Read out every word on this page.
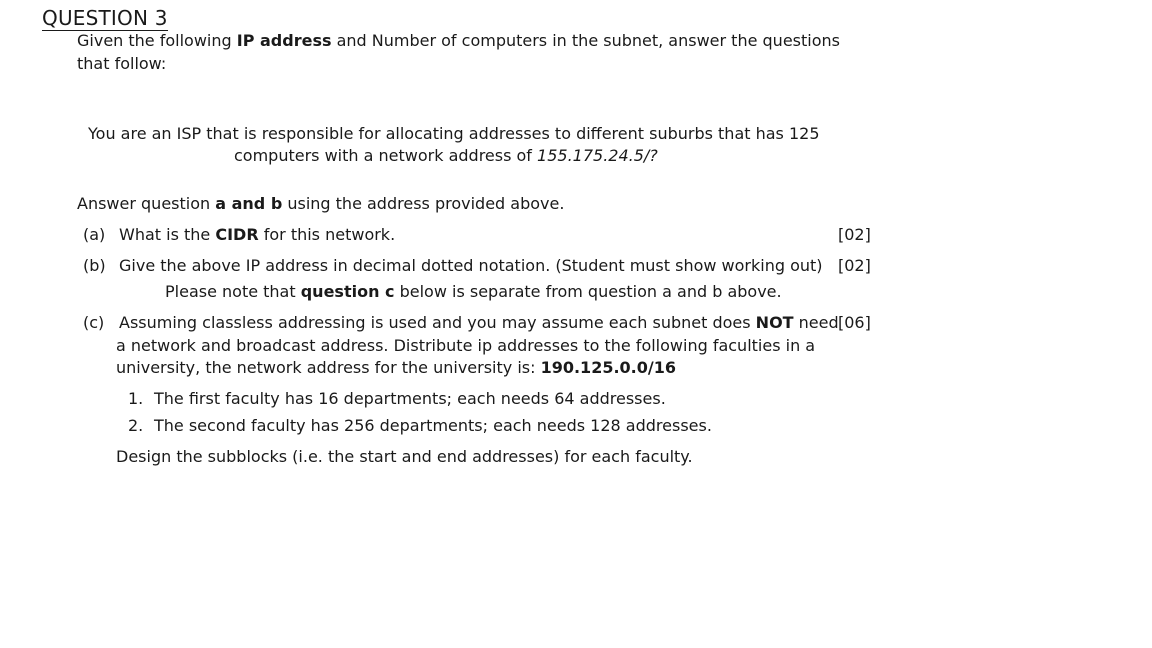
QUESTION 3
Given the following IP address and Number of computers in the subnet, answer the questions
that follow:
You are an ISP that is responsible for allocating addresses to different suburbs that has 125
computers with a network address of 155.175.24.5/?
Answer question a and b using the address provided above.
(a) What is the CIDR for this network.	[02]
(b) Give the above IP address in decimal dotted notation. (Student must show working out) [02]
Please note that question c below is separate from question a and b above.
(c) Assuming classless addressing is used and you may assume each subnet does NOT need [06]
a network and broadcast address. Distribute ip addresses to the following faculties in a
university, the network address for the university is: 190.125.0.0/16
1. The first faculty has 16 departments; each needs 64 addresses.
2. The second faculty has 256 departments; each needs 128 addresses.
Design the subblocks (i.e. the start and end addresses) for each faculty.
